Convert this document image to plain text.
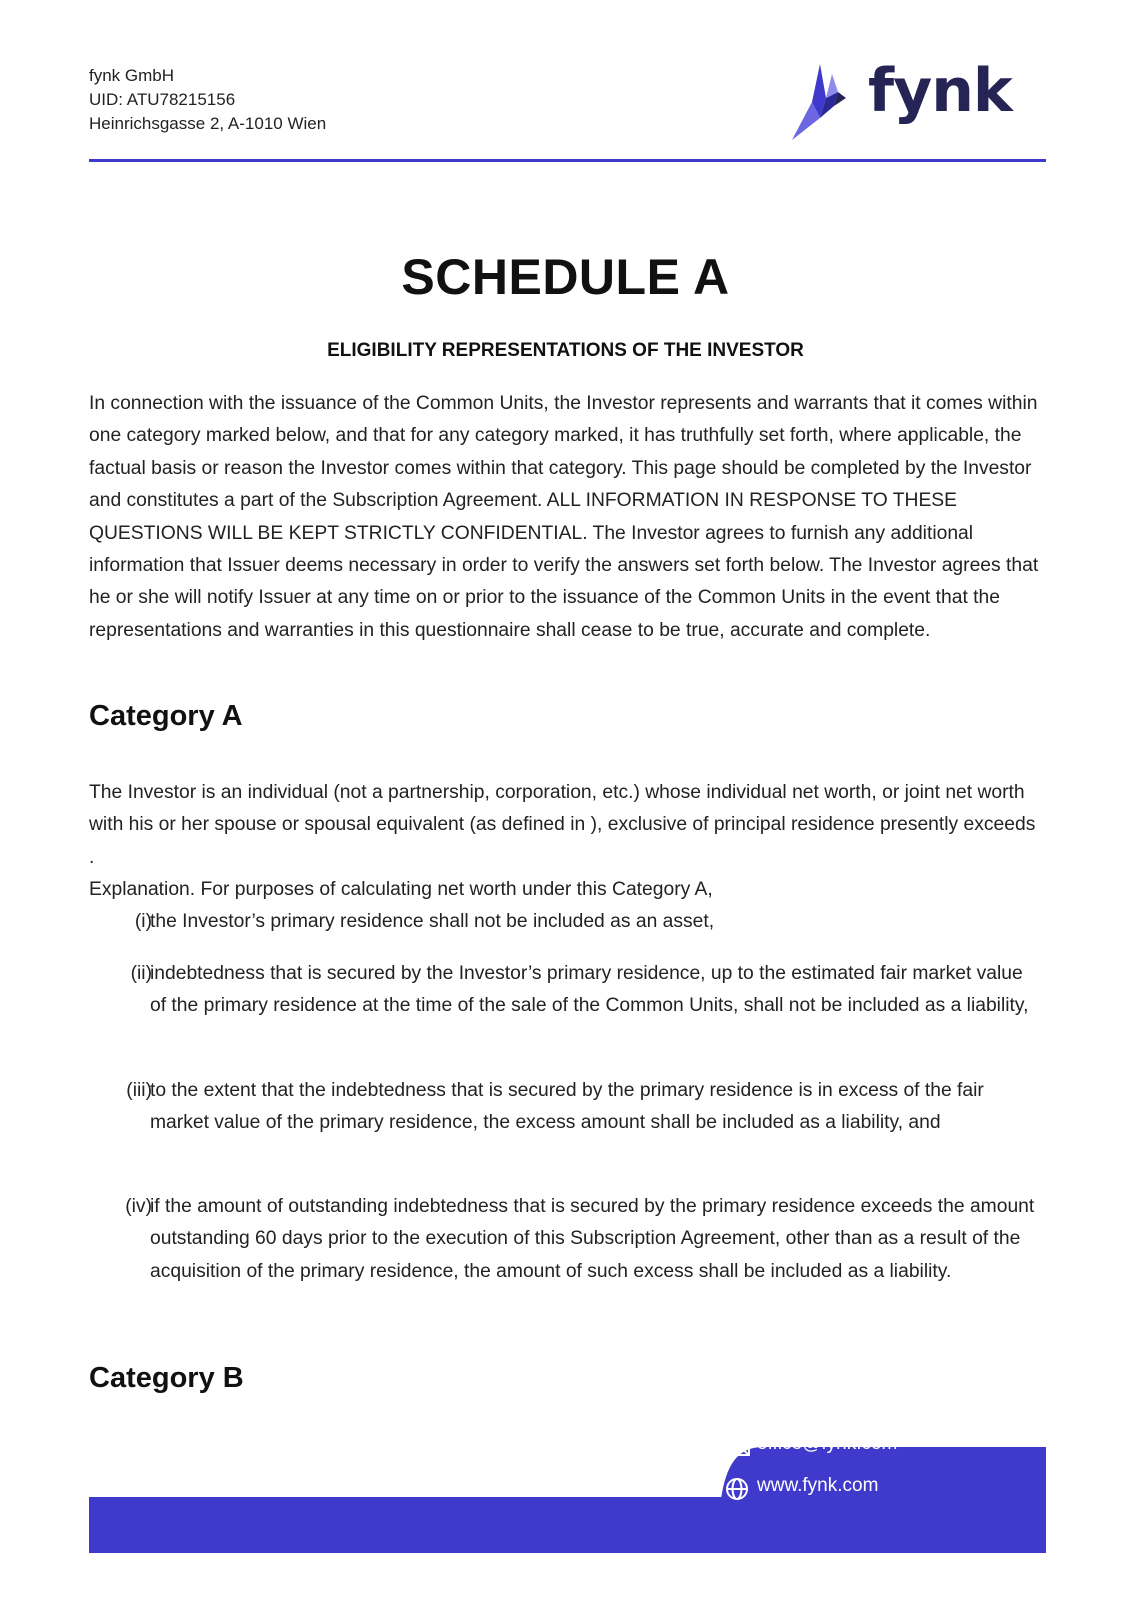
fynk GmbH
UID: ATU78215156
Heinrichsgasse 2, A-1010 Wien	fynk
SCHEDULE A
ELIGIBILITY REPRESENTATIONS OF THE INVESTOR
In connection with the issuance of the Common Units, the Investor represents and warrants that it comes within one category marked below, and that for any category marked, it has truthfully set forth, where applicable, the factual basis or reason the Investor comes within that category. This page should be completed by the Investor and constitutes a part of the Subscription Agreement. ALL INFORMATION IN RESPONSE TO THESE QUESTIONS WILL BE KEPT STRICTLY CONFIDENTIAL. The Investor agrees to furnish any additional information that Issuer deems necessary in order to verify the answers set forth below. The Investor agrees that he or she will notify Issuer at any time on or prior to the issuance of the Common Units in the event that the representations and warranties in this questionnaire shall cease to be true, accurate and complete.
Category A
The Investor is an individual (not a partnership, corporation, etc.) whose individual net worth, or joint net worth with his or her spouse or spousal equivalent (as defined in ), exclusive of principal residence presently exceeds .
Explanation. For purposes of calculating net worth under this Category A,
(i)
the Investor’s primary residence shall not be included as an asset,
(ii)
indebtedness that is secured by the Investor’s primary residence, up to the estimated fair market value of the primary residence at the time of the sale of the Common Units, shall not be included as a liability,
(iii)
to the extent that the indebtedness that is secured by the primary residence is in excess of the fair market value of the primary residence, the excess amount shall be included as a liability, and
(iv)
if the amount of outstanding indebtedness that is secured by the primary residence exceeds the amount outstanding 60 days prior to the execution of this Subscription Agreement, other than as a result of the acquisition of the primary residence, the amount of such excess shall be included as a liability.
Category B
office@fynk.com
www.fynk.com
